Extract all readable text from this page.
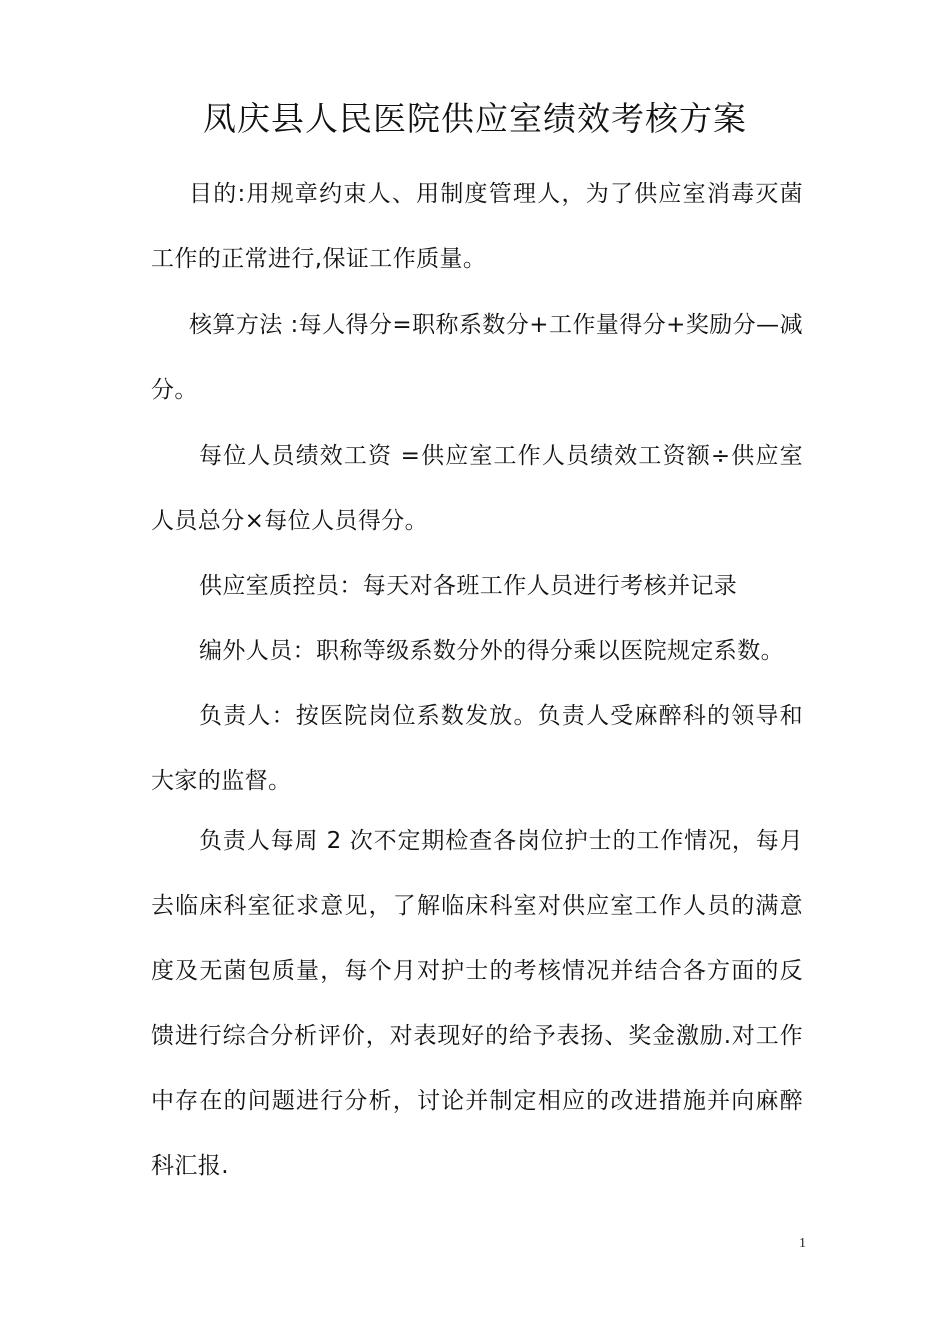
凤庆县人民医院供应室绩效考核方案

目的:用规章约束人、用制度管理人，为了供应室消毒灭菌工作的正常进行,保证工作质量。

核算方法 :每人得分=职称系数分+工作量得分+奖励分—减分。

每位人员绩效工资 =供应室工作人员绩效工资额÷供应室人员总分×每位人员得分。

供应室质控员：每天对各班工作人员进行考核并记录

编外人员：职称等级系数分外的得分乘以医院规定系数。

负责人：按医院岗位系数发放。负责人受麻醉科的领导和大家的监督。

负责人每周 2 次不定期检查各岗位护士的工作情况，每月去临床科室征求意见，了解临床科室对供应室工作人员的满意度及无菌包质量，每个月对护士的考核情况并结合各方面的反馈进行综合分析评价，对表现好的给予表扬、奖金激励.对工作中存在的问题进行分析，讨论并制定相应的改进措施并向麻醉科汇报.

1
